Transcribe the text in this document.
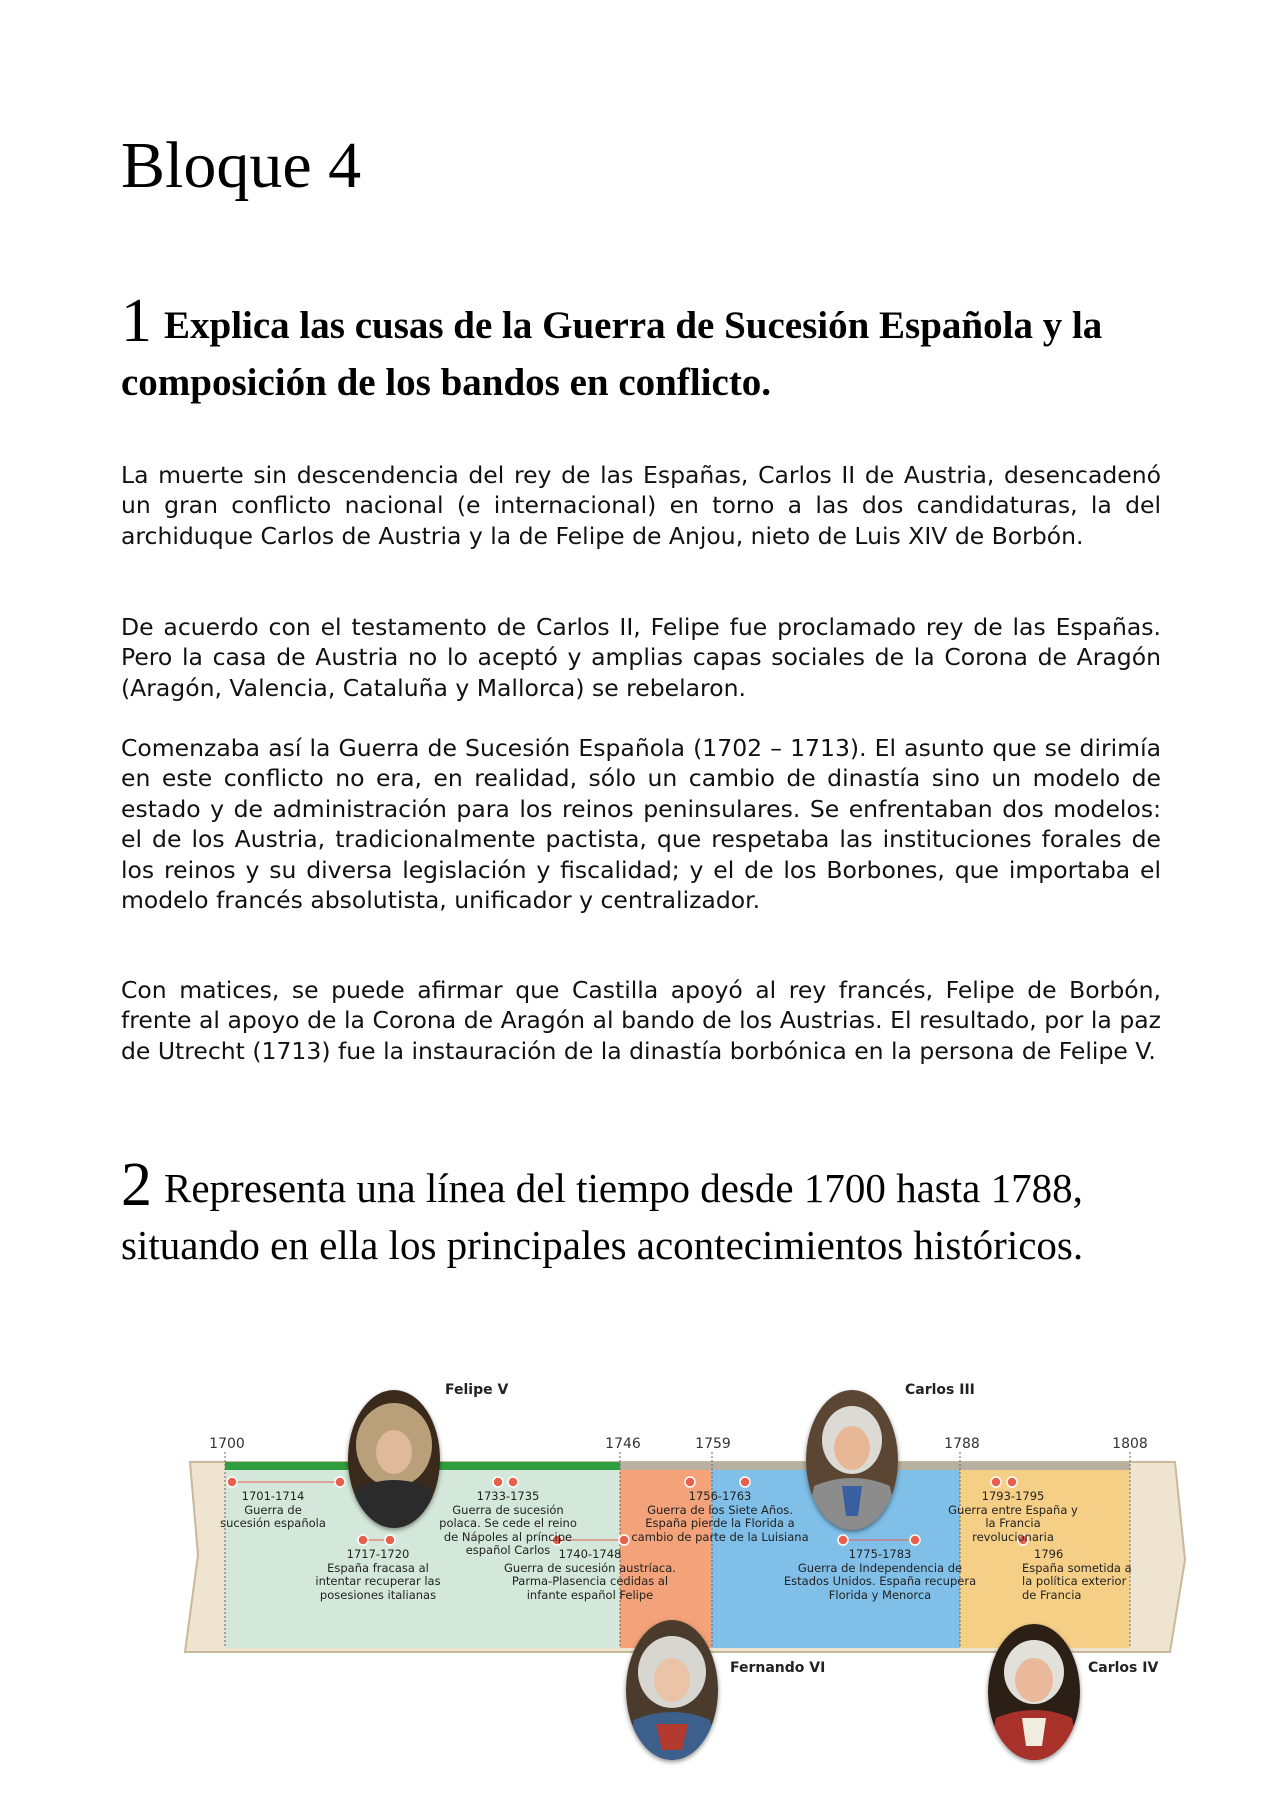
Bloque 4
1 Explica las cusas de la Guerra de Sucesión Española y la composición de los bandos en conflicto.

La muerte sin descendencia del rey de las Españas, Carlos II de Austria, desencadenó un gran conflicto nacional (e internacional) en torno a las dos candidaturas, la del archiduque Carlos de Austria y la de Felipe de Anjou, nieto de Luis XIV de Borbón.

De acuerdo con el testamento de Carlos II, Felipe fue proclamado rey de las Españas. Pero la casa de Austria no lo aceptó y amplias capas sociales de la Corona de Aragón (Aragón, Valencia, Cataluña y Mallorca) se rebelaron.

Comenzaba así la Guerra de Sucesión Española (1702 – 1713). El asunto que se dirimía en este conflicto no era, en realidad, sólo un cambio de dinastía sino un modelo de estado y de administración para los reinos peninsulares. Se enfrentaban dos modelos: el de los Austria, tradicionalmente pactista, que respetaba las instituciones forales de los reinos y su diversa legislación y fiscalidad; y el de los Borbones, que importaba el modelo francés absolutista, unificador y centralizador.

Con matices, se puede afirmar que Castilla apoyó al rey francés, Felipe de Borbón, frente al apoyo de la Corona de Aragón al bando de los Austrias. El resultado, por la paz de Utrecht (1713) fue la instauración de la dinastía borbónica en la persona de Felipe V.

2 Representa una línea del tiempo desde 1700 hasta 1788, situando en ella los principales acontecimientos históricos.
1700	1746	1759	1788	1808
Felipe V
Fernando VI
Carlos III
Carlos IV
1701-1714
Guerra de sucesión española
1717-1720
España fracasa al intentar recuperar las posesiones italianas
1733-1735
Guerra de sucesión polaca. Se cede el reino de Nápoles al príncipe español Carlos 1740-1748
Guerra de sucesión austríaca. Parma-Plasencia cedidas al infante español Felipe
1756-1763
Guerra de los Siete Años. España pierde la Florida a cambio de parte de la Luisiana
1775-1783
Guerra de Independencia de Estados Unidos. España recupera Florida y Menorca
1793-1795
Guerra entre España y la Francia revolucionaria
1796
España sometida a la política exterior de Francia
